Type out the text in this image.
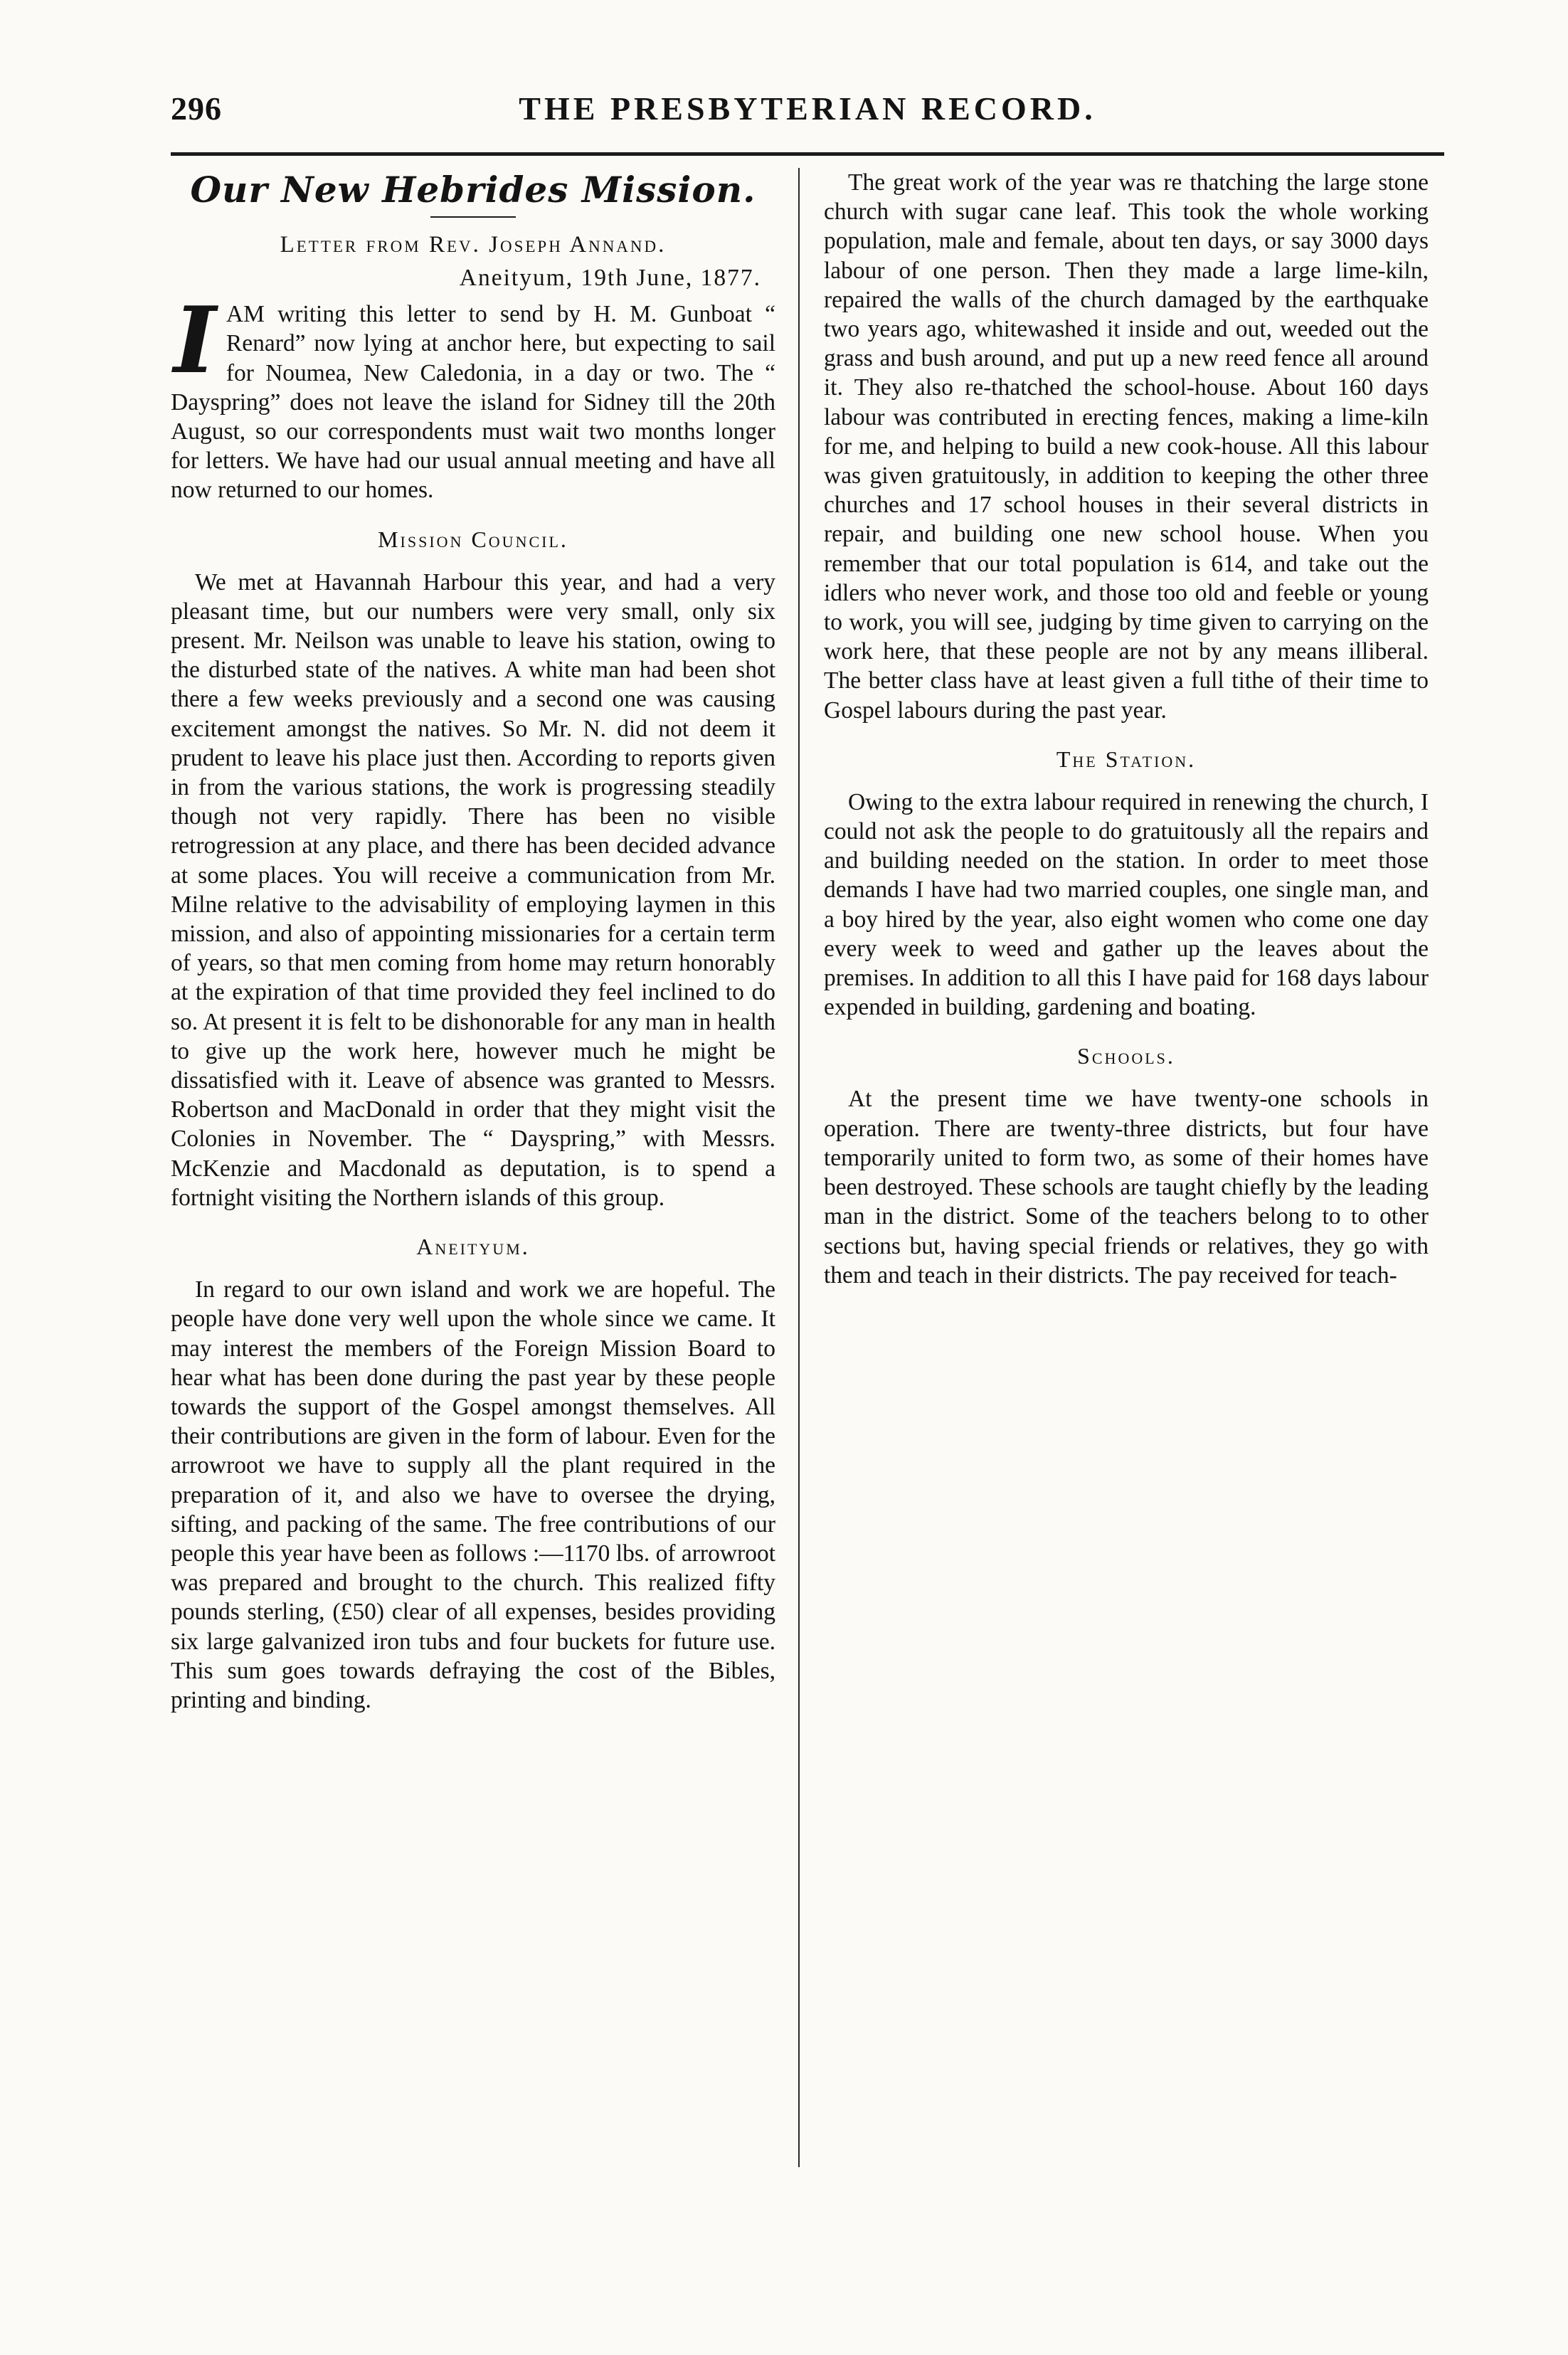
296	THE PRESBYTERIAN RECORD.
Our New Hebrides Mission.
Letter from Rev. Joseph Annand.
Aneityum, 19th June, 1877.

I AM writing this letter to send by H. M. Gunboat “ Renard” now lying at anchor here, but expecting to sail for Noumea, New Caledonia, in a day or two. The “ Dayspring” does not leave the island for Sidney till the 20th August, so our correspondents must wait two months longer for letters. We have had our usual annual meeting and have all now returned to our homes.

Mission Council.

We met at Havannah Harbour this year, and had a very pleasant time, but our numbers were very small, only six present. Mr. Neilson was unable to leave his station, owing to the disturbed state of the natives. A white man had been shot there a few weeks previously and a second one was causing excitement amongst the natives. So Mr. N. did not deem it prudent to leave his place just then. According to reports given in from the various stations, the work is progressing steadily though not very rapidly. There has been no visible retrogression at any place, and there has been decided advance at some places. You will receive a communication from Mr. Milne relative to the advisability of employing laymen in this mission, and also of appointing missionaries for a certain term of years, so that men coming from home may return honorably at the expiration of that time provided they feel inclined to do so. At present it is felt to be dishonorable for any man in health to give up the work here, however much he might be dissatisfied with it. Leave of absence was granted to Messrs. Robertson and MacDonald in order that they might visit the Colonies in November. The “ Dayspring,” with Messrs. McKenzie and Macdonald as deputation, is to spend a fortnight visiting the Northern islands of this group.

Aneityum.

In regard to our own island and work we are hopeful. The people have done very well upon the whole since we came. It may interest the members of the Foreign Mission Board to hear what has been done during the past year by these people towards the support of the Gospel amongst themselves. All their contributions are given in the form of labour. Even for the arrowroot we have to supply all the plant required in the preparation of it, and also we have to oversee the drying, sifting, and packing of the same. The free contributions of our people this year have been as follows :—1170 lbs. of arrowroot was prepared and brought to the church. This realized fifty pounds sterling, (£50) clear of all expenses, besides providing six large galvanized iron tubs and four buckets for future use. This sum goes towards defraying the cost of the Bibles, printing and binding.

The great work of the year was re thatching the large stone church with sugar cane leaf. This took the whole working population, male and female, about ten days, or say 3000 days labour of one person. Then they made a large lime-kiln, repaired the walls of the church damaged by the earthquake two years ago, whitewashed it inside and out, weeded out the grass and bush around, and put up a new reed fence all around it. They also re-thatched the school-house. About 160 days labour was contributed in erecting fences, making a lime-kiln for me, and helping to build a new cook-house. All this labour was given gratuitously, in addition to keeping the other three churches and 17 school houses in their several districts in repair, and building one new school house. When you remember that our total population is 614, and take out the idlers who never work, and those too old and feeble or young to work, you will see, judging by time given to carrying on the work here, that these people are not by any means illiberal. The better class have at least given a full tithe of their time to Gospel labours during the past year.

The Station.

Owing to the extra labour required in renewing the church, I could not ask the people to do gratuitously all the repairs and and building needed on the station. In order to meet those demands I have had two married couples, one single man, and a boy hired by the year, also eight women who come one day every week to weed and gather up the leaves about the premises. In addition to all this I have paid for 168 days labour expended in building, gardening and boating.

Schools.

At the present time we have twenty-one schools in operation. There are twenty-three districts, but four have temporarily united to form two, as some of their homes have been destroyed. These schools are taught chiefly by the leading man in the district. Some of the teachers belong to to other sections but, having special friends or relatives, they go with them and teach in their districts. The pay received for teach-
